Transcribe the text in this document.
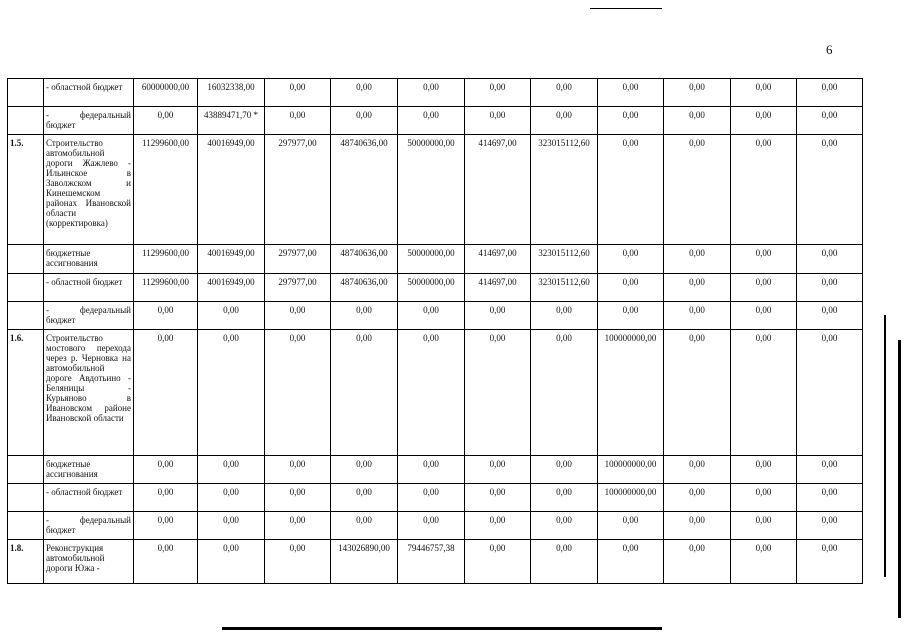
6
	- областной бюджет	60000000,00	16032338,00	0,00	0,00	0,00	0,00	0,00	0,00	0,00	0,00	0,00
	- федеральный бюджет	0,00	43889471,70 *	0,00	0,00	0,00	0,00	0,00	0,00	0,00	0,00	0,00
1.5.	Строительство автомобильной дороги Жажлево - Ильинское в Заволжском и Кинешемском районах Ивановской области (корректировка)	11299600,00	40016949,00	297977,00	48740636,00	50000000,00	414697,00	323015112,60	0,00	0,00	0,00	0,00
	бюджетные ассигнования	11299600,00	40016949,00	297977,00	48740636,00	50000000,00	414697,00	323015112,60	0,00	0,00	0,00	0,00
	- областной бюджет	11299600,00	40016949,00	297977,00	48740636,00	50000000,00	414697,00	323015112,60	0,00	0,00	0,00	0,00
	- федеральный бюджет	0,00	0,00	0,00	0,00	0,00	0,00	0,00	0,00	0,00	0,00	0,00
1.6.	Строительство мостового перехода через р. Черновка на автомобильной дороге Авдотьино - Беляницы - Курьяново в Ивановском районе Ивановской области	0,00	0,00	0,00	0,00	0,00	0,00	0,00	100000000,00	0,00	0,00	0,00
	бюджетные ассигнования	0,00	0,00	0,00	0,00	0,00	0,00	0,00	100000000,00	0,00	0,00	0,00
	- областной бюджет	0,00	0,00	0,00	0,00	0,00	0,00	0,00	100000000,00	0,00	0,00	0,00
	- федеральный бюджет	0,00	0,00	0,00	0,00	0,00	0,00	0,00	0,00	0,00	0,00	0,00
1.8.	Реконструкция автомобильной дороги Южа -	0,00	0,00	0,00	143026890,00	79446757,38	0,00	0,00	0,00	0,00	0,00	0,00
